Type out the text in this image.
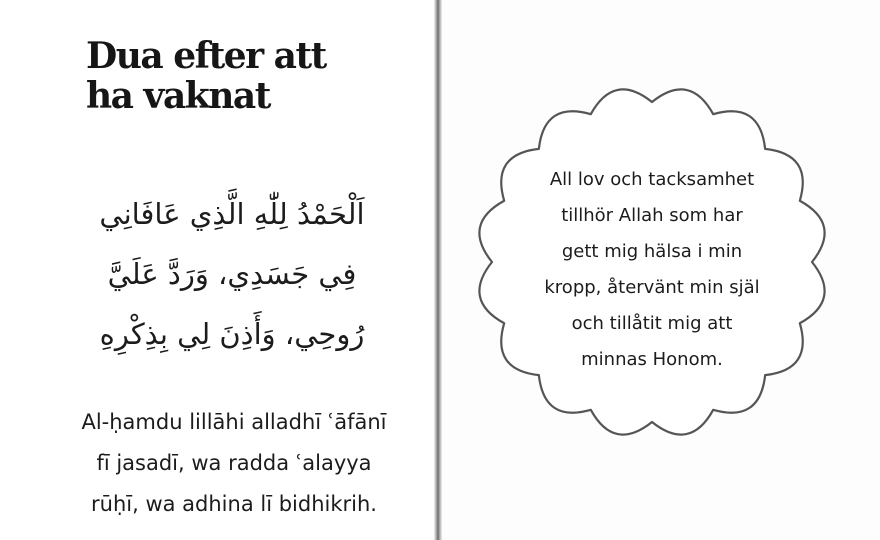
Dua efter att
ha vaknat
اَلْحَمْدُ لِلّٰهِ الَّذِي عَافَانِي
فِي جَسَدِي، وَرَدَّ عَلَيَّ
رُوحِي، وَأَذِنَ لِي بِذِكْرِهِ
Al-ḥamdu lillāhi alladhī ʿāfānī
fī jasadī, wa radda ʿalayya
rūḥī, wa adhina lī bidhikrih.
All lov och tacksamhet
tillhör Allah som har
gett mig hälsa i min
kropp, återvänt min själ
och tillåtit mig att
minnas Honom.
